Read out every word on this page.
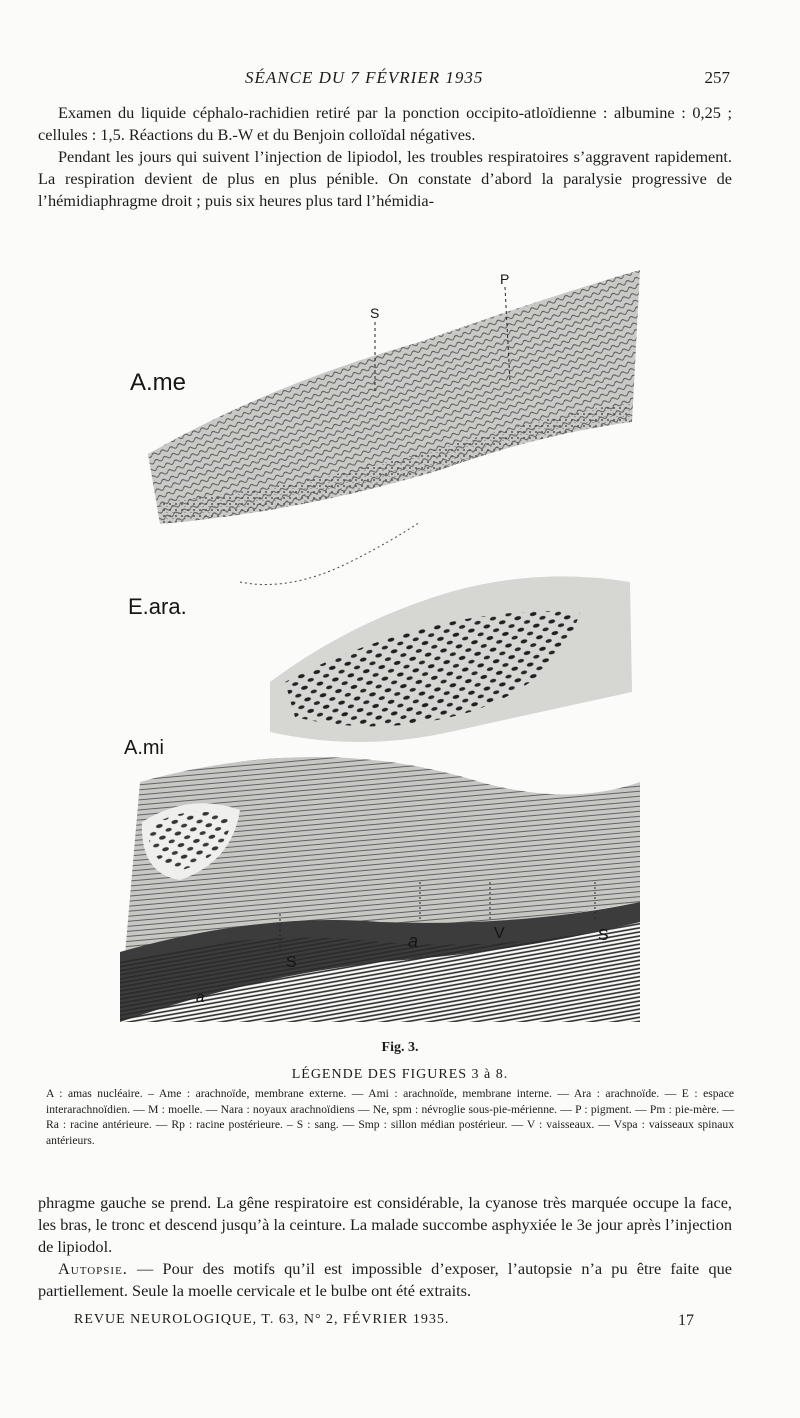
SÉANCE DU 7 FÉVRIER 1935	257

Examen du liquide céphalo-rachidien retiré par la ponction occipito-atloïdienne : albumine : 0,25 ; cellules : 1,5. Réactions du B.-W et du Benjoin colloïdal négatives.

Pendant les jours qui suivent l’injection de lipiodol, les troubles respiratoires s’aggravent rapidement. La respiration devient de plus en plus pénible. On constate d’abord la paralysie progressive de l’hémidiaphragme droit ; puis six heures plus tard l’hémidia-

A.me
E.ara.
A.mi
S
P
S
a	V	S
a
Fig. 3.
LÉGENDE DES FIGURES 3 à 8.
A : amas nucléaire. – Ame : arachnoïde, membrane externe. — Ami : arachnoïde, membrane interne. — Ara : arachnoïde. — E : espace interarachnoïdien. — M : moelle. — Nara : noyaux arachnoïdiens — Ne, spm : névroglie sous-pie-mérienne. — P : pigment. — Pm : pie-mère. — Ra : racine antérieure. — Rp : racine postérieure. – S : sang. — Smp : sillon médian postérieur. — V : vaisseaux. — Vspa : vaisseaux spinaux antérieurs.

phragme gauche se prend. La gêne respiratoire est considérable, la cyanose très marquée occupe la face, les bras, le tronc et descend jusqu’à la ceinture. La malade succombe asphyxiée le 3e jour après l’injection de lipiodol.

Autopsie. — Pour des motifs qu’il est impossible d’exposer, l’autopsie n’a pu être faite que partiellement. Seule la moelle cervicale et le bulbe ont été extraits.

REVUE NEUROLOGIQUE, T. 63, N° 2, FÉVRIER 1935.	17
